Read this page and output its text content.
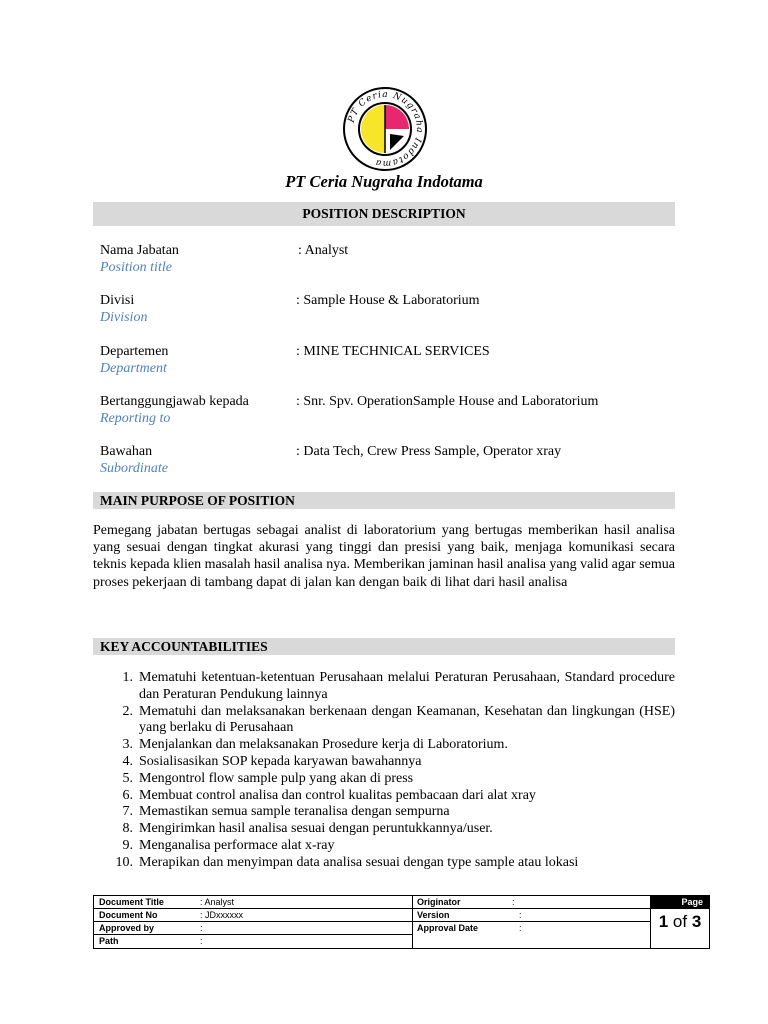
PT Ceria Nugraha Indotama
PT Ceria Nugraha Indotama
POSITION DESCRIPTION
Nama Jabatan
Position title
: Analyst
Divisi
Division
: Sample House & Laboratorium
Departemen
Department
: MINE TECHNICAL SERVICES
Bertanggungjawab kepada
Reporting to
: Snr. Spv. OperationSample House and Laboratorium
Bawahan
Subordinate
: Data Tech, Crew Press Sample, Operator xray
MAIN PURPOSE OF POSITION
Pemegang jabatan bertugas sebagai analist di laboratorium yang bertugas memberikan hasil analisa yang sesuai dengan tingkat akurasi yang tinggi dan presisi yang baik, menjaga komunikasi secara teknis kepada klien masalah hasil analisa nya. Memberikan jaminan hasil analisa yang valid agar semua proses pekerjaan di tambang dapat di jalan kan dengan baik di lihat dari hasil analisa
KEY ACCOUNTABILITIES
1. Mematuhi ketentuan-ketentuan Perusahaan melalui Peraturan Perusahaan, Standard procedure dan Peraturan Pendukung lainnya
2. Mematuhi dan melaksanakan berkenaan dengan Keamanan, Kesehatan dan lingkungan (HSE) yang berlaku di Perusahaan
3. Menjalankan dan melaksanakan Prosedure kerja di Laboratorium.
4. Sosialisasikan SOP kepada karyawan bawahannya
5. Mengontrol flow sample pulp yang akan di press
6. Membuat control analisa dan control kualitas pembacaan dari alat xray
7. Memastikan semua sample teranalisa dengan sempurna
8. Mengirimkan hasil analisa sesuai dengan peruntukkannya/user.
9. Menganalisa performace alat x-ray
10. Merapikan dan menyimpan data analisa sesuai dengan type sample atau lokasi
Document Title	: Analyst	Originator	:
Document No	: JDxxxxxx	Version	:
Approved by	:	Approval Date	:
Path	:
Page
1 of 3
